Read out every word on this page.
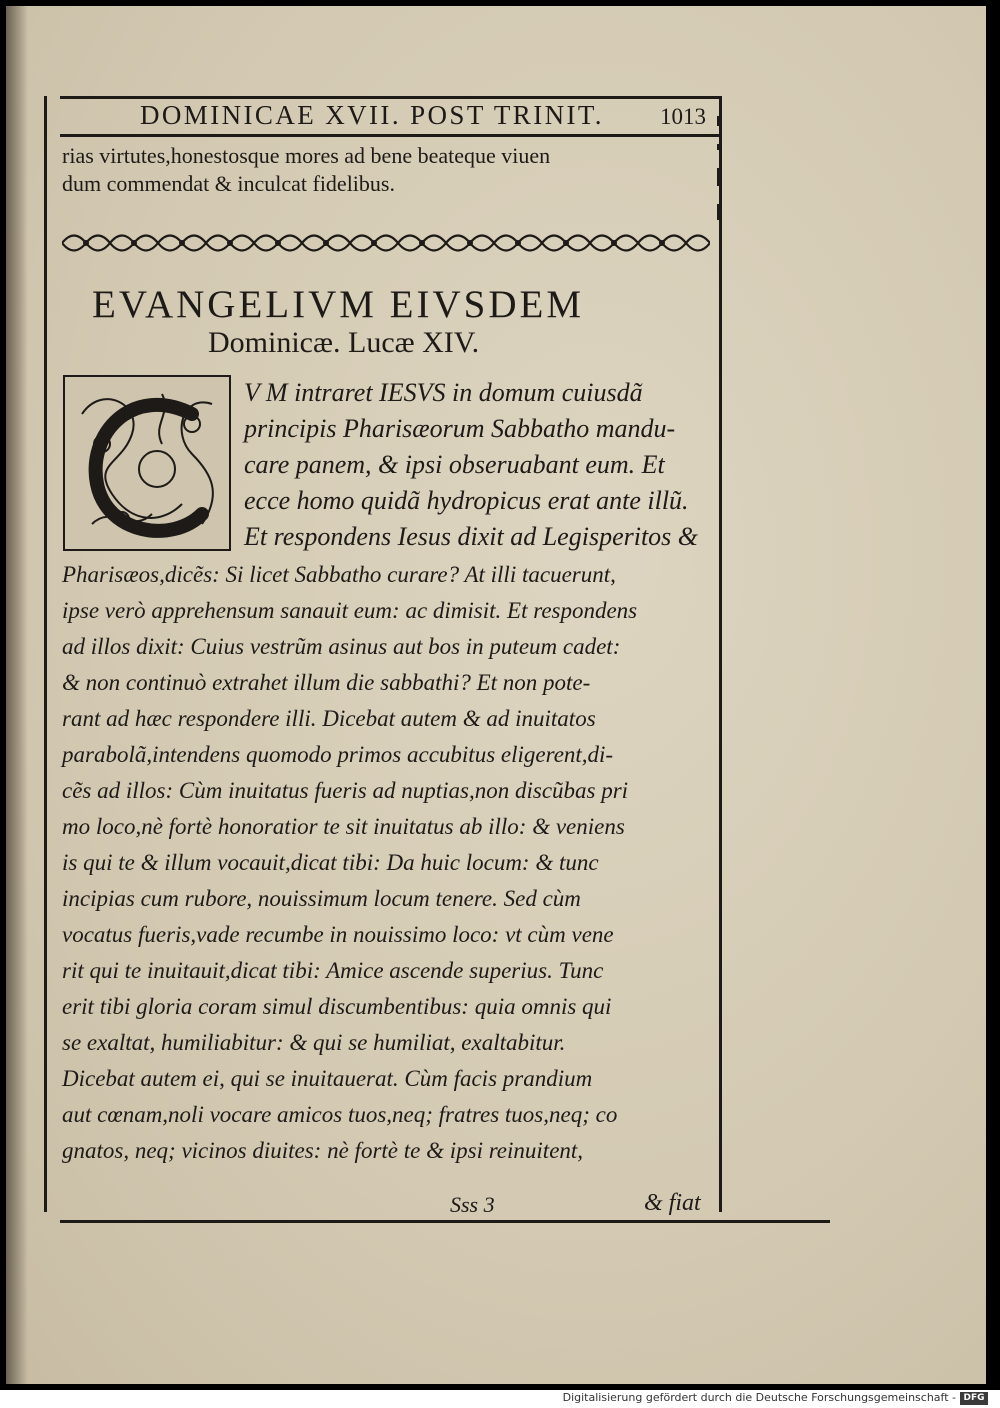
DOMINICAE XVII. POST TRINIT.	1013
rias virtutes,honestosque mores ad bene beateque viuen
dum commendat & inculcat fidelibus.
EVANGELIVM EIVSDEM
Dominicæ. Lucæ XIV.
V M intraret IESVS in domum cuiusdã
principis Pharisæorum Sabbatho mandu-
care panem, & ipsi obseruabant eum. Et
ecce homo quidã hydropicus erat ante illũ.
Et respondens Iesus dixit ad Legisperitos &
Pharisæos,dicẽs: Si licet Sabbatho curare? At illi tacuerunt,
ipse verò apprehensum sanauit eum: ac dimisit. Et respondens
ad illos dixit: Cuius vestrũm asinus aut bos in puteum cadet:
& non continuò extrahet illum die sabbathi? Et non pote-
rant ad hæc respondere illi. Dicebat autem & ad inuitatos
parabolã,intendens quomodo primos accubitus eligerent,di-
cẽs ad illos: Cùm inuitatus fueris ad nuptias,non discũbas pri
mo loco,nè fortè honoratior te sit inuitatus ab illo: & veniens
is qui te & illum vocauit,dicat tibi: Da huic locum: & tunc
incipias cum rubore, nouissimum locum tenere. Sed cùm
vocatus fueris,vade recumbe in nouissimo loco: vt cùm vene
rit qui te inuitauit,dicat tibi: Amice ascende superius. Tunc
erit tibi gloria coram simul discumbentibus: quia omnis qui
se exaltat, humiliabitur: & qui se humiliat, exaltabitur.
Dicebat autem ei, qui se inuitauerat. Cùm facis prandium
aut cœnam,noli vocare amicos tuos,neq; fratres tuos,neq; co
gnatos, neq; vicinos diuites: nè fortè te & ipsi reinuitent,
Sss 3	& fiat
Digitalisierung gefördert durch die Deutsche Forschungsgemeinschaft - DFG
